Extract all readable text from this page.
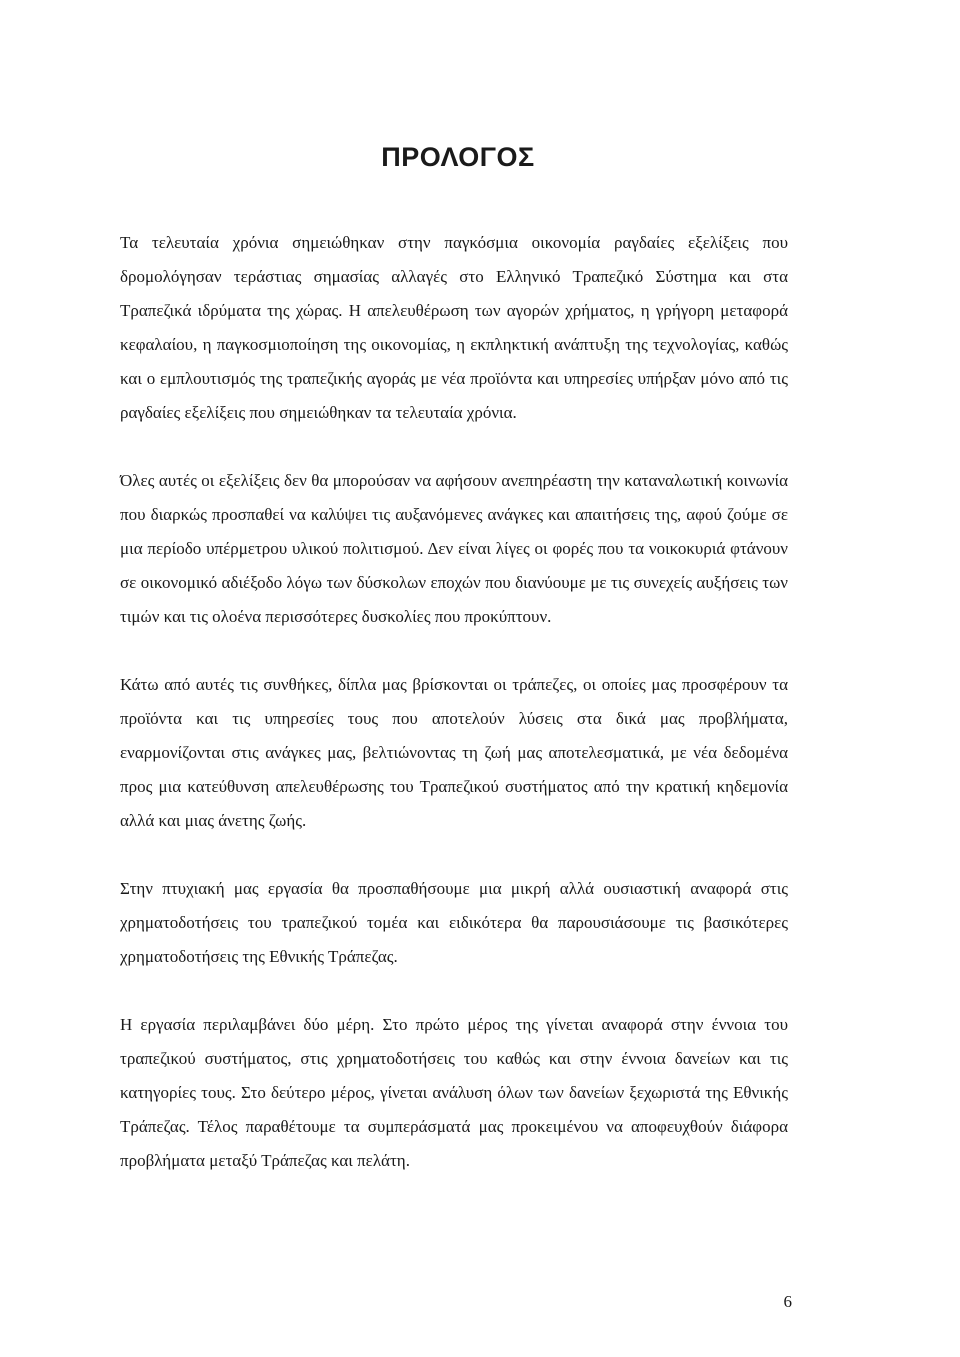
ΠΡΟΛΟΓΟΣ

Τα τελευταία χρόνια σημειώθηκαν στην παγκόσμια οικονομία ραγδαίες εξελίξεις που δρομολόγησαν τεράστιας σημασίας αλλαγές στο Ελληνικό Τραπεζικό Σύστημα και στα Τραπεζικά ιδρύματα της χώρας. Η απελευθέρωση των αγορών χρήματος, η γρήγορη μεταφορά κεφαλαίου, η παγκοσμιοποίηση της οικονομίας, η εκπληκτική ανάπτυξη της τεχνολογίας, καθώς και ο εμπλουτισμός της τραπεζικής αγοράς με νέα προϊόντα και υπηρεσίες υπήρξαν μόνο από τις ραγδαίες εξελίξεις που σημειώθηκαν τα τελευταία χρόνια.

Όλες αυτές οι εξελίξεις δεν θα μπορούσαν να αφήσουν ανεπηρέαστη την καταναλωτική κοινωνία που διαρκώς προσπαθεί να καλύψει τις αυξανόμενες ανάγκες και απαιτήσεις της, αφού ζούμε σε μια περίοδο υπέρμετρου υλικού πολιτισμού. Δεν είναι λίγες οι φορές που τα νοικοκυριά φτάνουν σε οικονομικό αδιέξοδο λόγω των δύσκολων εποχών που διανύουμε με τις συνεχείς αυξήσεις των τιμών και τις ολοένα περισσότερες δυσκολίες που προκύπτουν.

Κάτω από αυτές τις συνθήκες, δίπλα μας βρίσκονται οι τράπεζες, οι οποίες μας προσφέρουν τα προϊόντα και τις υπηρεσίες τους που αποτελούν λύσεις στα δικά μας προβλήματα, εναρμονίζονται στις ανάγκες μας, βελτιώνοντας τη ζωή μας αποτελεσματικά, με νέα δεδομένα προς μια κατεύθυνση απελευθέρωσης του Τραπεζικού συστήματος από την κρατική κηδεμονία αλλά και μιας άνετης ζωής.

Στην πτυχιακή μας εργασία θα προσπαθήσουμε μια μικρή αλλά ουσιαστική αναφορά στις χρηματοδοτήσεις του τραπεζικού τομέα και ειδικότερα θα παρουσιάσουμε τις βασικότερες χρηματοδοτήσεις της Εθνικής Τράπεζας.

Η εργασία περιλαμβάνει δύο μέρη. Στο πρώτο μέρος της γίνεται αναφορά στην έννοια του τραπεζικού συστήματος, στις χρηματοδοτήσεις του καθώς και στην έννοια δανείων και τις κατηγορίες τους. Στο δεύτερο μέρος, γίνεται ανάλυση όλων των δανείων ξεχωριστά της Εθνικής Τράπεζας. Τέλος παραθέτουμε τα συμπεράσματά μας προκειμένου να αποφευχθούν διάφορα προβλήματα μεταξύ Τράπεζας και πελάτη.

6
